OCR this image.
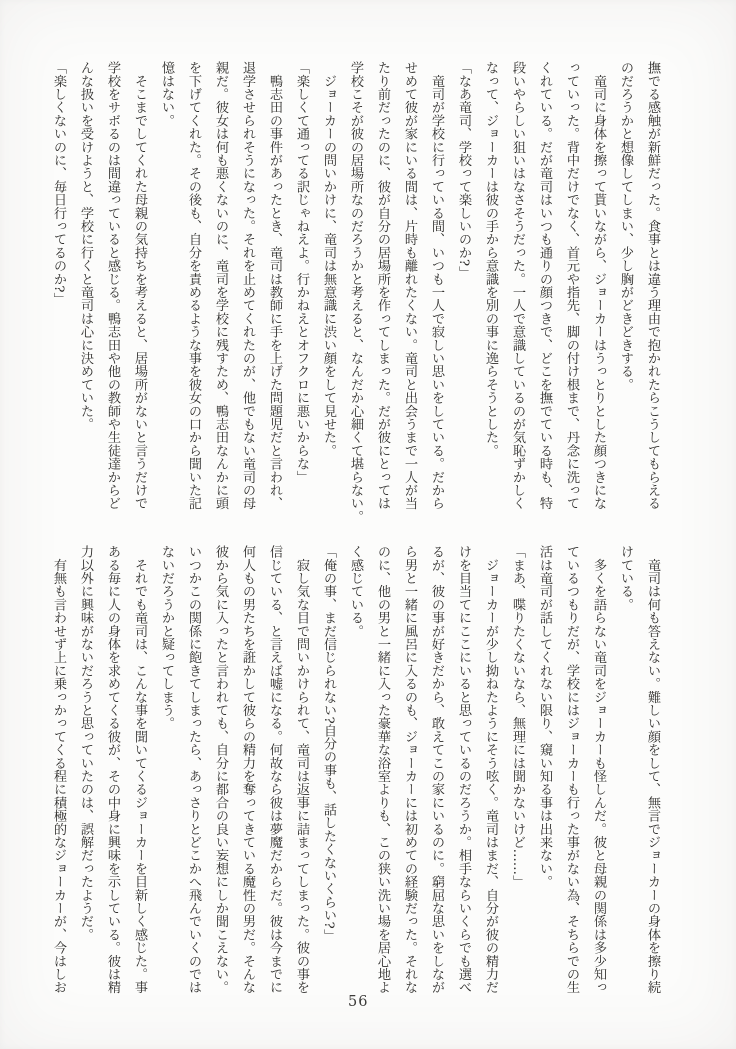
撫でる感触が新鮮だった。食事とは違う理由で抱かれたらこうしてもらえる
のだろうかと想像してしまい、少し胸がどきどきする。
　竜司に身体を擦って貰いながら、ジョーカーはうっとりとした顔つきにな
っていった。背中だけでなく、首元や指先、脚の付け根まで、丹念に洗って
くれている。だが竜司はいつも通りの顔つきで、どこを撫でている時も、特
段いやらしい狙いはなさそうだった。一人で意識しているのが気恥ずかしく
なって、ジョーカーは彼の手から意識を別の事に逸らそうとした。
「なあ竜司、学校って楽しいのか?」
　竜司が学校に行っている間、いつも一人で寂しい思いをしている。だから
せめて彼が家にいる間は、片時も離れたくない。竜司と出会うまで一人が当
たり前だったのに、彼が自分の居場所を作ってしまった。だが彼にとっては
学校こそが彼の居場所なのだろうかと考えると、なんだか心細くて堪らない。
　ジョーカーの問いかけに、竜司は無意識に渋い顔をして見せた。
「楽しくて通ってる訳じゃねえよ。行かねえとオフクロに悪いからな」
　鴨志田の事件があったとき、竜司は教師に手を上げた問題児だと言われ、
退学させられそうになった。それを止めてくれたのが、他でもない竜司の母
親だ。彼女は何も悪くないのに、竜司を学校に残すため、鴨志田なんかに頭
を下げてくれた。その後も、自分を責めるような事を彼女の口から聞いた記
憶はない。
　そこまでしてくれた母親の気持ちを考えると、居場所がないと言うだけで
学校をサボるのは間違っていると感じる。鴨志田や他の教師や生徒達からど
んな扱いを受けようと、学校に行くと竜司は心に決めていた。
「楽しくないのに、毎日行ってるのか?」
　竜司は何も答えない。難しい顔をして、無言でジョーカーの身体を擦り続
けている。
　多くを語らない竜司をジョーカーも怪しんだ。彼と母親の関係は多少知っ
ているつもりだが、学校にはジョーカーも行った事がない為、そちらでの生
活は竜司が話してくれない限り、窺い知る事は出来ない。
「まあ、喋りたくないなら、無理には聞かないけど……」
　ジョーカーが少し拗ねたようにそう呟く。竜司はまだ、自分が彼の精力だ
けを目当てにここにいると思っているのだろうか。相手ならいくらでも選べ
るが、彼の事が好きだから、敢えてこの家にいるのに。窮屈な思いをしなが
ら男と一緒に風呂に入るのも、ジョーカーには初めての経験だった。それな
のに、他の男と一緒に入った豪華な浴室よりも、この狭い洗い場を居心地よ
く感じている。
「俺の事、まだ信じられない?自分の事も、話したくないくらい?」
　寂し気な目で問いかけられて、竜司は返事に詰まってしまった。彼の事を
信じている、と言えば嘘になる。何故なら彼は夢魔だからだ。彼は今までに
何人もの男たちを誑かして彼らの精力を奪ってきている魔性の男だ。そんな
彼から気に入ったと言われても、自分に都合の良い妄想にしか聞こえない。
いつかこの関係に飽きてしまったら、あっさりとどこかへ飛んでいくのでは
ないだろうかと疑ってしまう。
　それでも竜司は、こんな事を聞いてくるジョーカーを目新しく感じた。事
ある毎に人の身体を求めてくる彼が、その中身に興味を示している。彼は精
力以外に興味がないだろうと思っていたのは、誤解だったようだ。
　有無も言わせず上に乗っかってくる程に積極的なジョーカーが、今はしお
56
